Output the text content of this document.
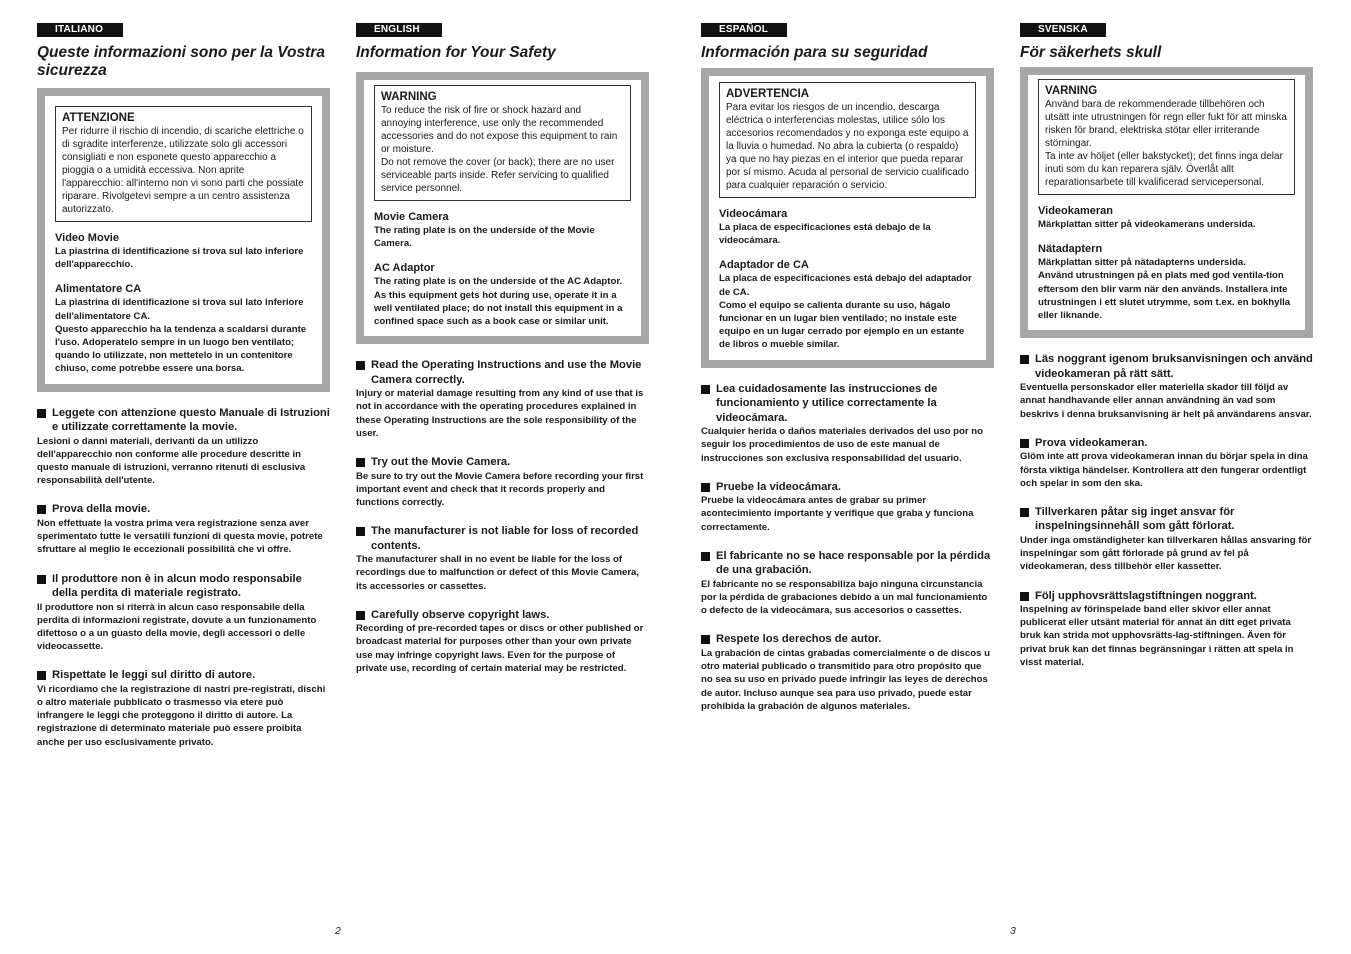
ITALIANO
Queste informazioni sono per la Vostra sicurezza
ATTENZIONE
Per ridurre il rischio di incendio, di scariche elettriche o di sgradite interferenze, utilizzate solo gli accessori consigliati e non esponete questo apparecchio a pioggia o a umidità eccessiva. Non aprite l'apparecchio: all'interno non vi sono parti che possiate riparare. Rivolgetevi sempre a un centro assistenza autorizzato.
Video Movie
La piastrina di identificazione si trova sul lato inferiore dell'apparecchio.
Alimentatore CA
La piastrina di identificazione si trova sul lato inferiore dell'alimentatore CA.
Questo apparecchio ha la tendenza a scaldarsi durante l'uso. Adoperatelo sempre in un luogo ben ventilato; quando lo utilizzate, non mettetelo in un contenitore chiuso, come potrebbe essere una borsa.
Leggete con attenzione questo Manuale di Istruzioni e utilizzate correttamente la movie.
Lesioni o danni materiali, derivanti da un utilizzo dell'apparecchio non conforme alle procedure descritte in questo manuale di istruzioni, verranno ritenuti di esclusiva responsabilità dell'utente.
Prova della movie.
Non effettuate la vostra prima vera registrazione senza aver sperimentato tutte le versatili funzioni di questa movie, potrete sfruttare al meglio le eccezionali possibilità che vi offre.
Il produttore non è in alcun modo responsabile della perdita di materiale registrato.
Il produttore non si riterrà in alcun caso responsabile della perdita di informazioni registrate, dovute a un funzionamento difettoso o a un guasto della movie, degli accessori o delle videocassette.
Rispettate le leggi sul diritto di autore.
Vi ricordiamo che la registrazione di nastri pre-registrati, dischi o altro materiale pubblicato o trasmesso via etere può infrangere le leggi che proteggono il diritto di autore. La registrazione di determinato materiale può essere proibita anche per uso esclusivamente privato.
ENGLISH
Information for Your Safety
WARNING
To reduce the risk of fire or shock hazard and annoying interference, use only the recommended accessories and do not expose this equipment to rain or moisture.
Do not remove the cover (or back); there are no user serviceable parts inside. Refer servicing to qualified service personnel.
Movie Camera
The rating plate is on the underside of the Movie Camera.
AC Adaptor
The rating plate is on the underside of the AC Adaptor.
As this equipment gets hot during use, operate it in a well ventilated place; do not install this equipment in a confined space such as a book case or similar unit.
Read the Operating Instructions and use the Movie Camera correctly.
Injury or material damage resulting from any kind of use that is not in accordance with the operating procedures explained in these Operating Instructions are the sole responsibility of the user.
Try out the Movie Camera.
Be sure to try out the Movie Camera before recording your first important event and check that it records properly and functions correctly.
The manufacturer is not liable for loss of recorded contents.
The manufacturer shall in no event be liable for the loss of recordings due to malfunction or defect of this Movie Camera, its accessories or cassettes.
Carefully observe copyright laws.
Recording of pre-recorded tapes or discs or other published or broadcast material for purposes other than your own private use may infringe copyright laws. Even for the purpose of private use, recording of certain material may be restricted.
ESPAÑOL
Información para su seguridad
ADVERTENCIA
Para evitar los riesgos de un incendio, descarga eléctrica o interferencias molestas, utilice sólo los accesorios recomendados y no exponga este equipo a la lluvia o humedad. No abra la cubierta (o respaldo) ya que no hay piezas en el interior que pueda reparar por sí mismo. Acuda al personal de servicio cualificado para cualquier reparación o servicio.
Videocámara
La placa de especificaciones está debajo de la videocámara.
Adaptador de CA
La placa de especificaciones está debajo del adaptador de CA.
Como el equipo se calienta durante su uso, hágalo funcionar en un lugar bien ventilado; no instale este equipo en un lugar cerrado por ejemplo en un estante de libros o mueble similar.
Lea cuidadosamente las instrucciones de funcionamiento y utilice correctamente la videocámara.
Cualquier herida o daños materiales derivados del uso por no seguir los procedimientos de uso de este manual de instrucciones son exclusiva responsabilidad del usuario.
Pruebe la videocámara.
Pruebe la videocámara antes de grabar su primer acontecimiento importante y verifique que graba y funciona correctamente.
El fabricante no se hace responsable por la pérdida de una grabación.
El fabricante no se responsabiliza bajo ninguna circunstancia por la pérdida de grabaciones debido a un mal funcionamiento o defecto de la videocámara, sus accesorios o cassettes.
Respete los derechos de autor.
La grabación de cintas grabadas comercialmente o de discos u otro material publicado o transmitido para otro propósito que no sea su uso en privado puede infringir las leyes de derechos de autor. Incluso aunque sea para uso privado, puede estar prohibida la grabación de algunos materiales.
SVENSKA
För säkerhets skull
VARNING
Använd bara de rekommenderade tillbehören och utsätt inte utrustningen för regn eller fukt för att minska risken för brand, elektriska stötar eller irriterande störningar.
Ta inte av höljet (eller bakstycket); det finns inga delar inuti som du kan reparera själv. Överlåt allt reparationsarbete till kvalificerad servicepersonal.
Videokameran
Märkplattan sitter på videokamerans undersida.
Nätadaptern
Märkplattan sitter på nätadapterns undersida.
Använd utrustningen på en plats med god ventila-tion eftersom den blir varm när den används. Installera inte utrustningen i ett slutet utrymme, som t.ex. en bokhylla eller liknande.
Läs noggrant igenom bruksanvisningen och använd videokameran på rätt sätt.
Eventuella personskador eller materiella skador till följd av annat handhavande eller annan användning än vad som beskrivs i denna bruksanvisning är helt på användarens ansvar.
Prova videokameran.
Glöm inte att prova videokameran innan du börjar spela in dina första viktiga händelser. Kontrollera att den fungerar ordentligt och spelar in som den ska.
Tillverkaren påtar sig inget ansvar för inspelningsinnehåll som gått förlorat.
Under inga omständigheter kan tillverkaren hållas ansvaring för inspelningar som gått förlorade på grund av fel på videokameran, dess tillbehör eller kassetter.
Följ upphovsrättslagstiftningen noggrant.
Inspelning av förinspelade band eller skivor eller annat publicerat eller utsänt material för annat än ditt eget privata bruk kan strida mot upphovsrätts-lag-stiftningen. Även för privat bruk kan det finnas begränsningar i rätten att spela in visst material.
2	3
